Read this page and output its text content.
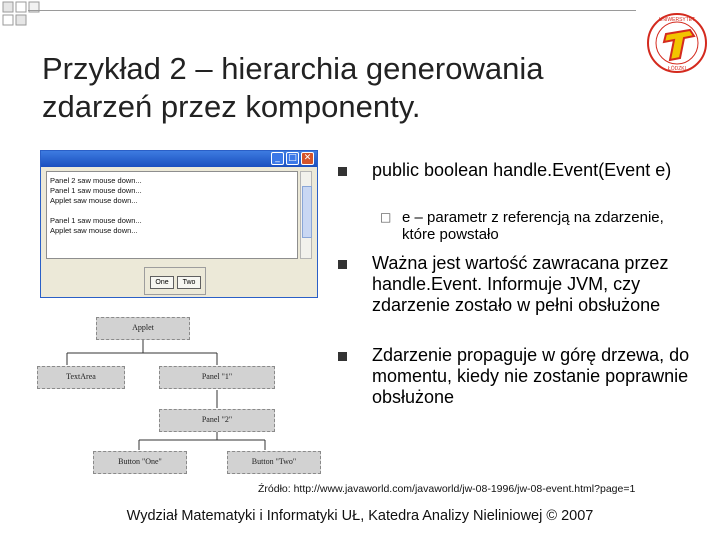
UNIWERSYTET
ŁÓDZKI
Przykład 2 – hierarchia generowania
zdarzeń przez komponenty.
_ □ ✕
Panel 2 saw mouse down...
Panel 1 saw mouse down...
Applet saw mouse down...
Panel 1 saw mouse down...
Applet saw mouse down...
One	Two
Applet
TextArea	Panel "1"
Panel "2"
Button "One"	Button "Two"
public boolean handle.Event(Event e)
□ e – parametr z referencją na zdarzenie, które powstało
Ważna jest wartość zawracana przez handle.Event. Informuje JVM, czy zdarzenie zostało w pełni obsłużone
Zdarzenie propaguje w górę drzewa, do momentu, kiedy nie zostanie poprawnie obsłużone
Źródło: http://www.javaworld.com/javaworld/jw-08-1996/jw-08-event.html?page=1
Wydział Matematyki i Informatyki UŁ, Katedra Analizy Nieliniowej © 2007
